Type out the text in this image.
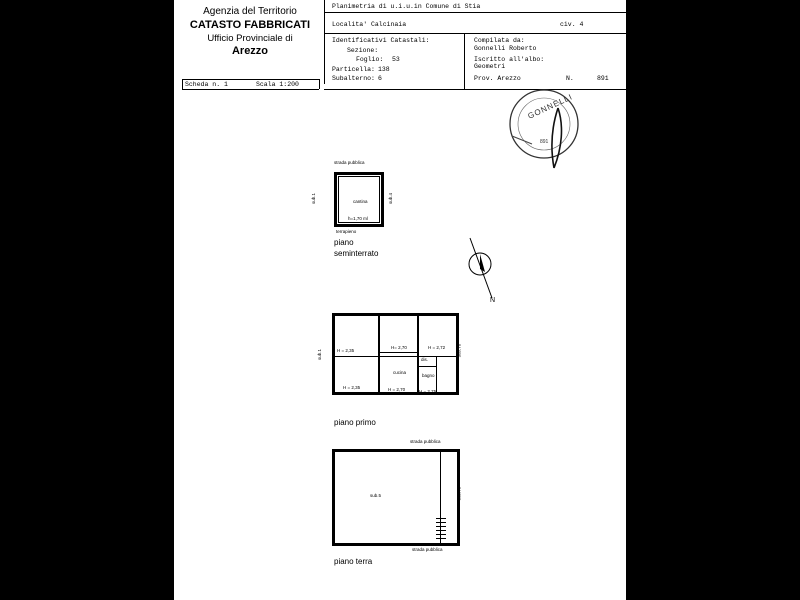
Agenzia del Territorio
CATASTO FABBRICATI
Ufficio Provinciale di
Arezzo
Planimetria di u.i.u.in Comune di Stia
Localita' Calcinaia	civ. 4
Identificativi Catastali:
Sezione:
Foglio: 53
Particella: 138
Subalterno: 6
Compilata da:
Gonnelli Roberto
Iscritto all'albo:
Geometri
Prov. Arezzo	N.	891
Scheda n. 1	Scala 1:200
GONNELLI
891
strada pubblica
cantina
h=1,70 ml
sub.1	sub.4
terrapieno
piano
seminterrato
N
H = 2,35
H = 2,35
H= 2,70
H = 2,70
H = 2,72
H = 2,75
cucina
bagno
dis.
sub.1	sub.78
piano primo
strada pubblica
sub.5	sub.78
strada pubblica
piano terra
